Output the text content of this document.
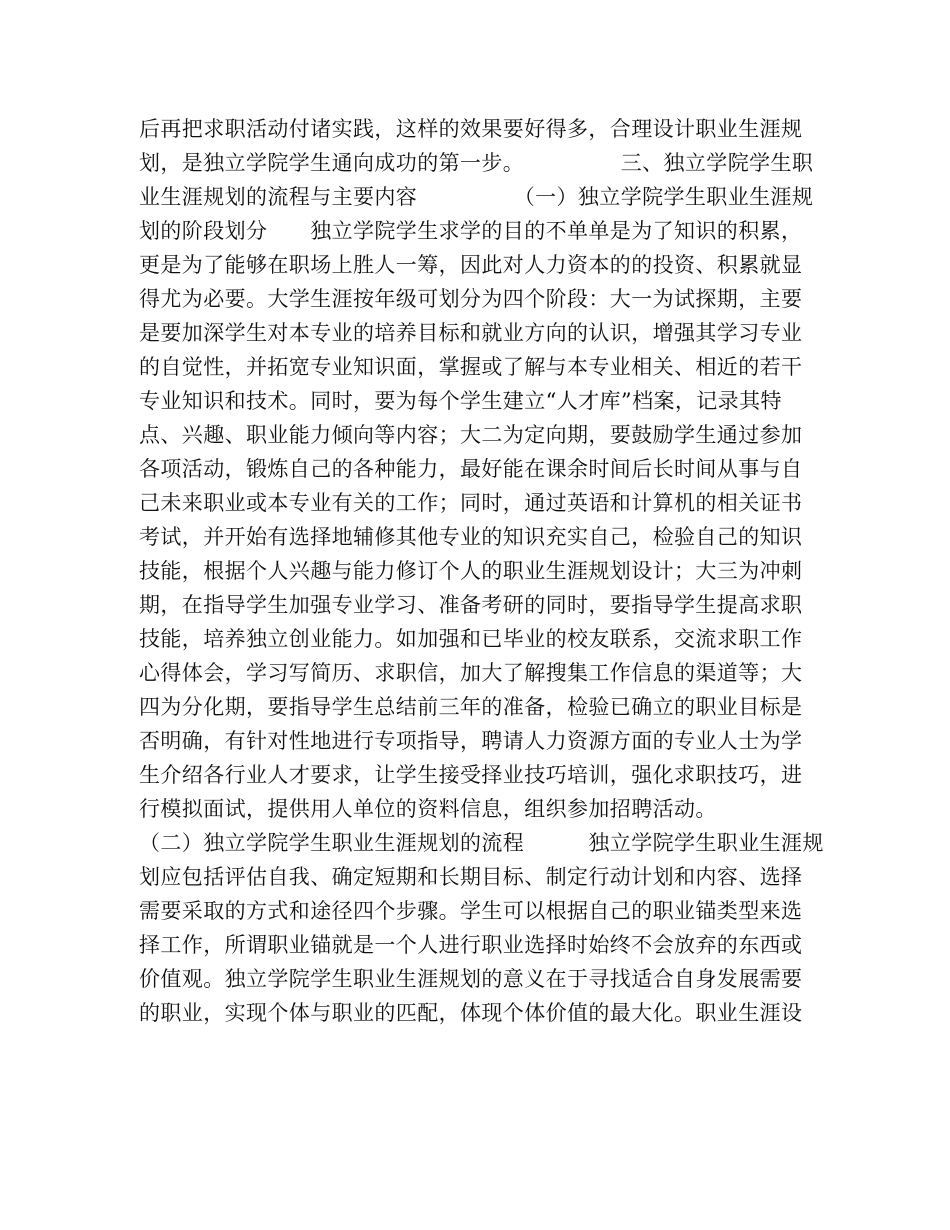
后再把求职活动付诸实践，这样的效果要好得多，合理设计职业生涯规
划，是独立学院学生通向成功的第一步。　　　　　三、独立学院学生职
业生涯规划的流程与主要内容　　　　　（一）独立学院学生职业生涯规
划的阶段划分　　独立学院学生求学的目的不单单是为了知识的积累，
更是为了能够在职场上胜人一筹，因此对人力资本的的投资、积累就显
得尤为必要。大学生涯按年级可划分为四个阶段：大一为试探期，主要
是要加深学生对本专业的培养目标和就业方向的认识，增强其学习专业
的自觉性，并拓宽专业知识面，掌握或了解与本专业相关、相近的若干
专业知识和技术。同时，要为每个学生建立“人才库”档案，记录其特
点、兴趣、职业能力倾向等内容；大二为定向期，要鼓励学生通过参加
各项活动，锻炼自己的各种能力，最好能在课余时间后长时间从事与自
己未来职业或本专业有关的工作；同时，通过英语和计算机的相关证书
考试，并开始有选择地辅修其他专业的知识充实自己，检验自己的知识
技能，根据个人兴趣与能力修订个人的职业生涯规划设计；大三为冲刺
期，在指导学生加强专业学习、准备考研的同时，要指导学生提高求职
技能，培养独立创业能力。如加强和已毕业的校友联系，交流求职工作
心得体会，学习写简历、求职信，加大了解搜集工作信息的渠道等；大
四为分化期，要指导学生总结前三年的准备，检验已确立的职业目标是
否明确，有针对性地进行专项指导，聘请人力资源方面的专业人士为学
生介绍各行业人才要求，让学生接受择业技巧培训，强化求职技巧，进
行模拟面试，提供用人单位的资料信息，组织参加招聘活动。
（二）独立学院学生职业生涯规划的流程　　　独立学院学生职业生涯规
划应包括评估自我、确定短期和长期目标、制定行动计划和内容、选择
需要采取的方式和途径四个步骤。学生可以根据自己的职业锚类型来选
择工作，所谓职业锚就是一个人进行职业选择时始终不会放弃的东西或
价值观。独立学院学生职业生涯规划的意义在于寻找适合自身发展需要
的职业，实现个体与职业的匹配，体现个体价值的最大化。职业生涯设
